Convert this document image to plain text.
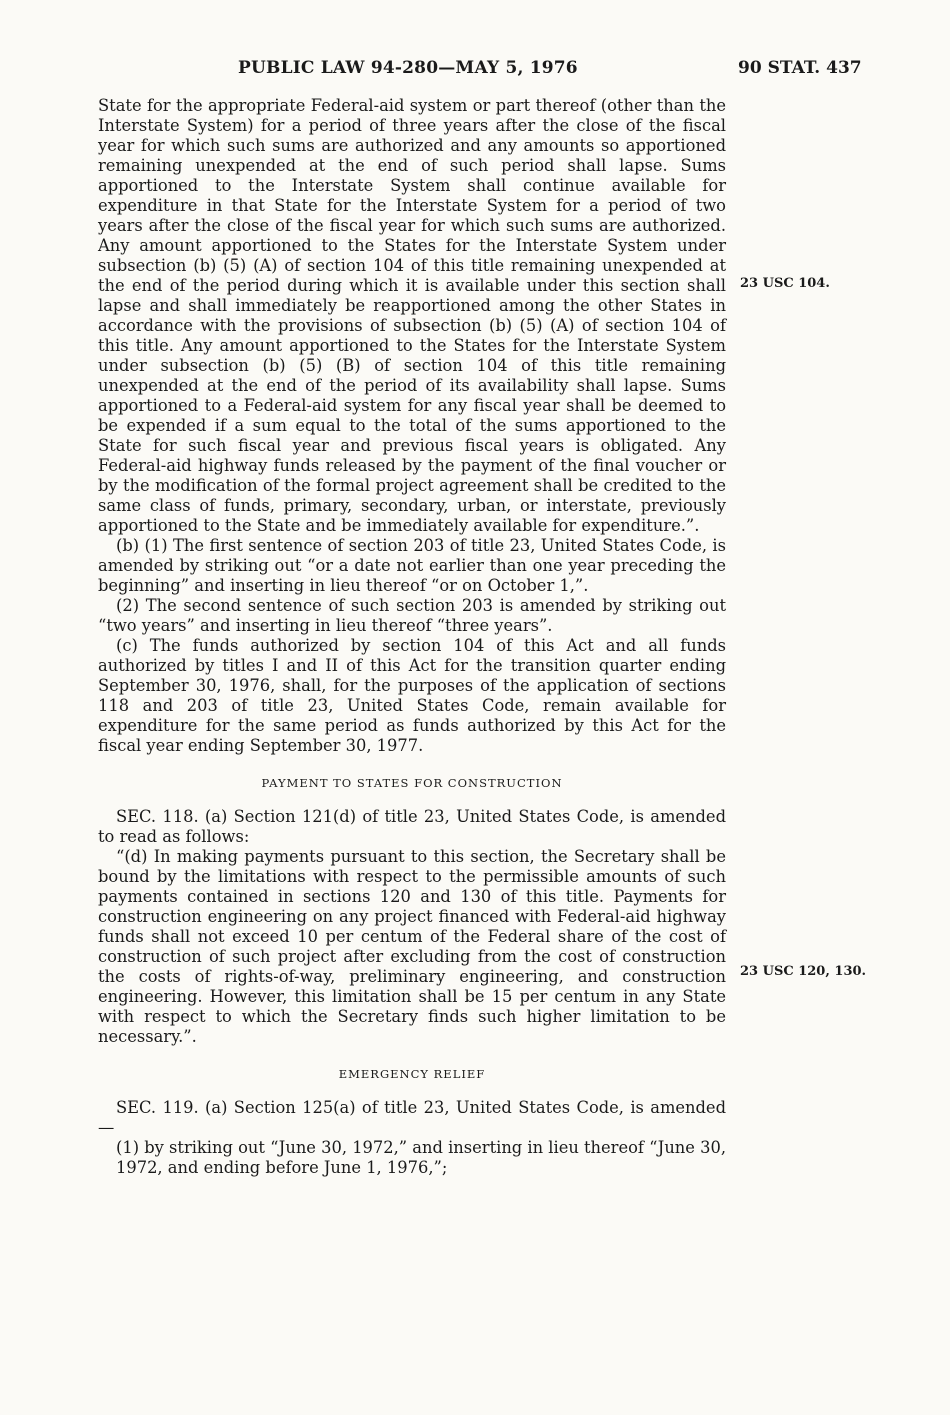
PUBLIC LAW 94-280—MAY 5, 1976	90 STAT. 437

State for the appropriate Federal-aid system or part thereof (other than the Interstate System) for a period of three years after the close of the fiscal year for which such sums are authorized and any amounts so apportioned remaining unexpended at the end of such period shall lapse. Sums apportioned to the Interstate System shall continue available for expenditure in that State for the Interstate System for a period of two years after the close of the fiscal year for which such sums are authorized. Any amount apportioned to the States for the Interstate System under subsection (b) (5) (A) of section 104 of this title remaining unexpended at the end of the period during which it is available under this section shall lapse and shall immediately be reapportioned among the other States in accordance with the provisions of subsection (b) (5) (A) of section 104 of this title. Any amount apportioned to the States for the Interstate System under subsection (b) (5) (B) of section 104 of this title remaining unexpended at the end of the period of its availability shall lapse. Sums apportioned to a Federal-aid system for any fiscal year shall be deemed to be expended if a sum equal to the total of the sums apportioned to the State for such fiscal year and previous fiscal years is obligated. Any Federal-aid highway funds released by the payment of the final voucher or by the modification of the formal project agreement shall be credited to the same class of funds, primary, secondary, urban, or interstate, previously apportioned to the State and be immediately available for expenditure.”.

(b) (1) The first sentence of section 203 of title 23, United States Code, is amended by striking out “or a date not earlier than one year preceding the beginning” and inserting in lieu thereof “or on October 1,”.

(2) The second sentence of such section 203 is amended by striking out “two years” and inserting in lieu thereof “three years”.

(c) The funds authorized by section 104 of this Act and all funds authorized by titles I and II of this Act for the transition quarter ending September 30, 1976, shall, for the purposes of the application of sections 118 and 203 of title 23, United States Code, remain available for expenditure for the same period as funds authorized by this Act for the fiscal year ending September 30, 1977.

PAYMENT TO STATES FOR CONSTRUCTION

SEC. 118. (a) Section 121(d) of title 23, United States Code, is amended to read as follows:

“(d) In making payments pursuant to this section, the Secretary shall be bound by the limitations with respect to the permissible amounts of such payments contained in sections 120 and 130 of this title. Payments for construction engineering on any project financed with Federal-aid highway funds shall not exceed 10 per centum of the Federal share of the cost of construction of such project after excluding from the cost of construction the costs of rights-of-way, preliminary engineering, and construction engineering. However, this limitation shall be 15 per centum in any State with respect to which the Secretary finds such higher limitation to be necessary.”.

EMERGENCY RELIEF

SEC. 119. (a) Section 125(a) of title 23, United States Code, is amended—

(1) by striking out “June 30, 1972,” and inserting in lieu thereof “June 30, 1972, and ending before June 1, 1976,”;

23 USC 104.
23 USC 120, 130.
